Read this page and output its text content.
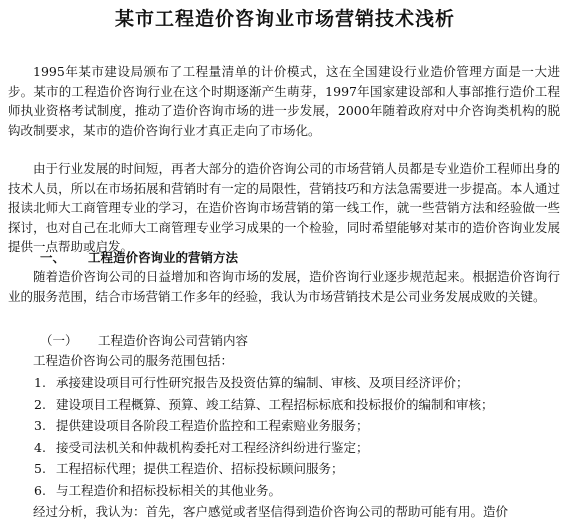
某市工程造价咨询业市场营销技术浅析

1995年某市建设局颁布了工程量清单的计价模式，这在全国建设行业造价管理方面是一大进步。某市的工程造价咨询行业在这个时期逐渐产生萌芽，1997年国家建设部和人事部推行造价工程师执业资格考试制度，推动了造价咨询市场的进一步发展，2000年随着政府对中介咨询类机构的脱钩改制要求，某市的造价咨询行业才真正走向了市场化。

由于行业发展的时间短，再者大部分的造价咨询公司的市场营销人员都是专业造价工程师出身的技术人员，所以在市场拓展和营销时有一定的局限性，营销技巧和方法急需要进一步提高。本人通过报读北师大工商管理专业的学习，在造价咨询市场营销的第一线工作，就一些营销方法和经验做一些探讨，也对自己在北师大工商管理专业学习成果的一个检验，同时希望能够对某市的造价咨询业发展提供一点帮助或启发。

一、 工程造价咨询业的营销方法

随着造价咨询公司的日益增加和咨询市场的发展，造价咨询行业逐步规范起来。根据造价咨询行业的服务范围，结合市场营销工作多年的经验，我认为市场营销技术是公司业务发展成败的关键。

（一） 工程造价咨询公司营销内容
工程造价咨询公司的服务范围包括：
1. 承接建设项目可行性研究报告及投资估算的编制、审核、及项目经济评价；
2. 建设项目工程概算、预算、竣工结算、工程招标标底和投标报价的编制和审核；
3. 提供建设项目各阶段工程造价监控和工程索赔业务服务；
4. 接受司法机关和仲裁机构委托对工程经济纠纷进行鉴定；
5. 工程招标代理；提供工程造价、招标投标顾问服务；
6. 与工程造价和招标投标相关的其他业务。
经过分析，我认为：首先，客户感觉或者坚信得到造价咨询公司的帮助可能有用。造价
